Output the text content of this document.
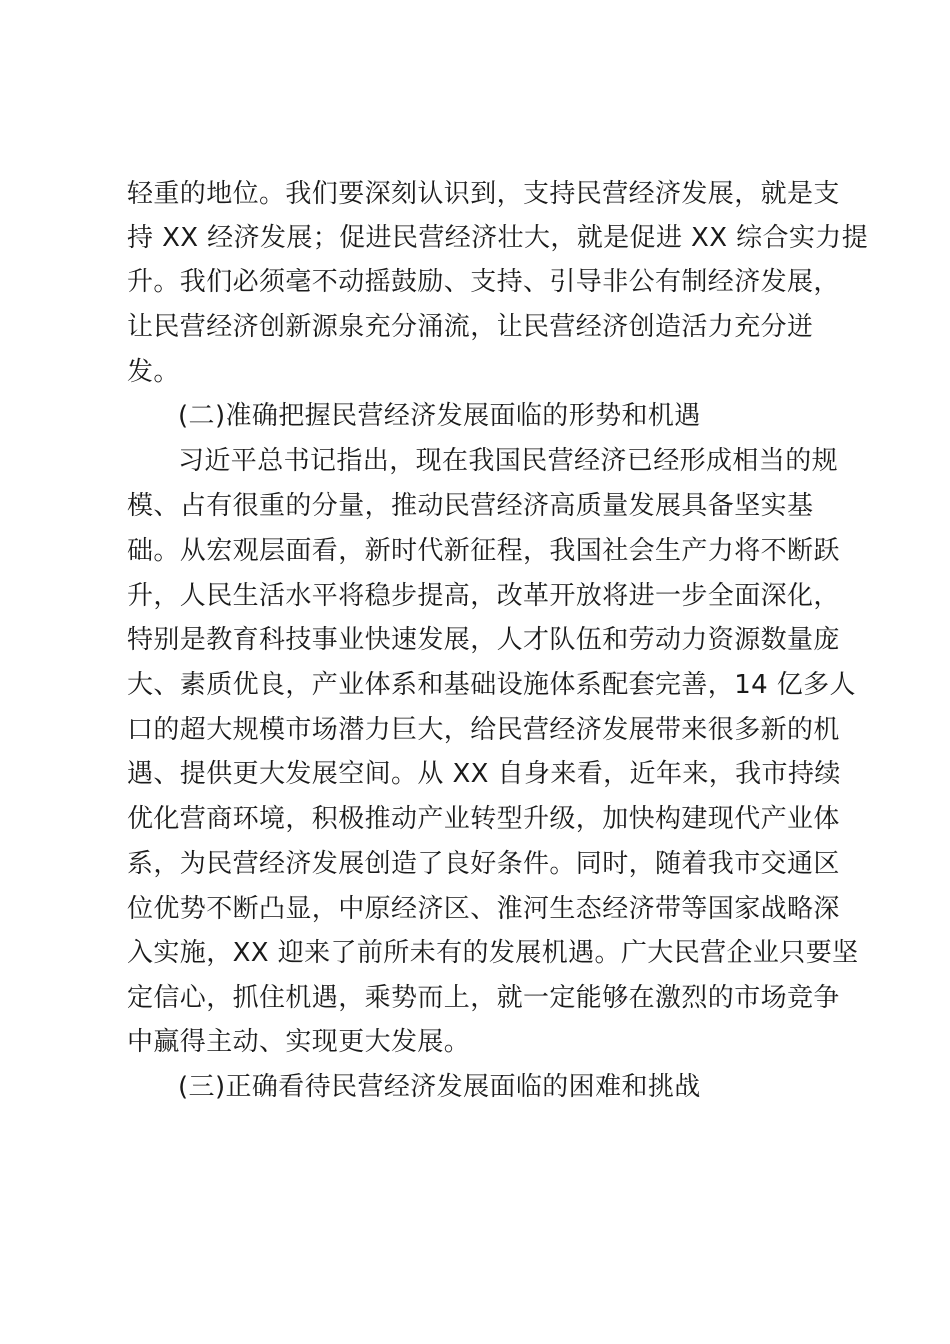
轻重的地位。我们要深刻认识到，支持民营经济发展，就是支
持 XX 经济发展；促进民营经济壮大，就是促进 XX 综合实力提
升。我们必须毫不动摇鼓励、支持、引导非公有制经济发展，
让民营经济创新源泉充分涌流，让民营经济创造活力充分迸
发。
(二)准确把握民营经济发展面临的形势和机遇
习近平总书记指出，现在我国民营经济已经形成相当的规
模、占有很重的分量，推动民营经济高质量发展具备坚实基
础。从宏观层面看，新时代新征程，我国社会生产力将不断跃
升，人民生活水平将稳步提高，改革开放将进一步全面深化，
特别是教育科技事业快速发展，人才队伍和劳动力资源数量庞
大、素质优良，产业体系和基础设施体系配套完善，14 亿多人
口的超大规模市场潜力巨大，给民营经济发展带来很多新的机
遇、提供更大发展空间。从 XX 自身来看，近年来，我市持续
优化营商环境，积极推动产业转型升级，加快构建现代产业体
系，为民营经济发展创造了良好条件。同时，随着我市交通区
位优势不断凸显，中原经济区、淮河生态经济带等国家战略深
入实施，XX 迎来了前所未有的发展机遇。广大民营企业只要坚
定信心，抓住机遇，乘势而上，就一定能够在激烈的市场竞争
中赢得主动、实现更大发展。
(三)正确看待民营经济发展面临的困难和挑战
